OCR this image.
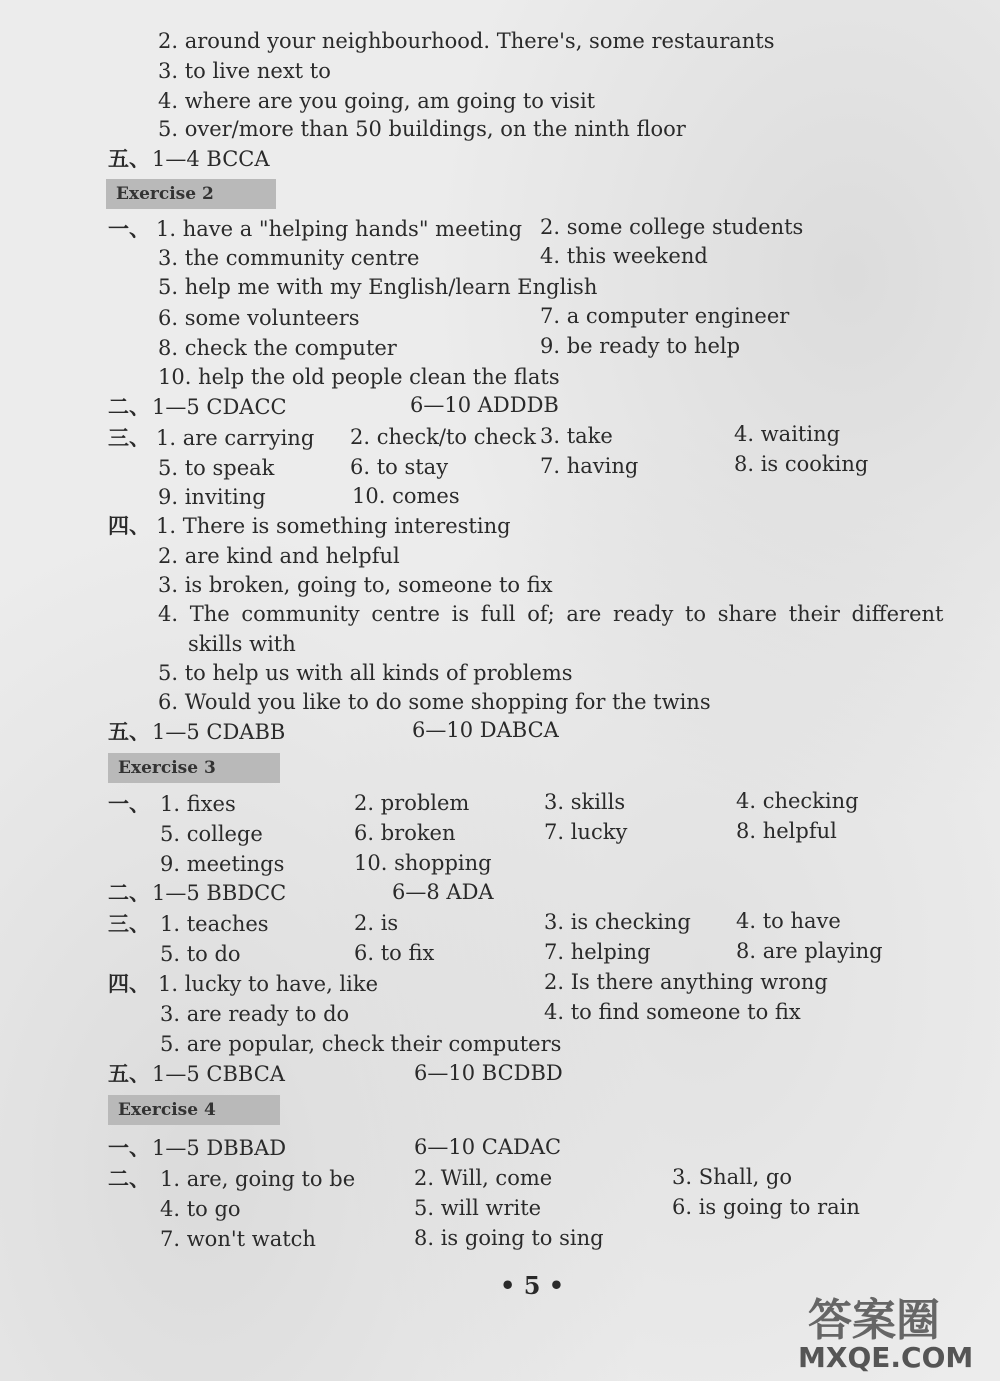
2. around your neighbourhood. There's, some restaurants
3. to live next to
4. where are you going, am going to visit
5. over/more than 50 buildings, on the ninth floor
五、 1—4 BCCA
Exercise 2
一、 1. have a "helping hands" meeting 2. some college students
3. the community centre	4. this weekend
5. help me with my English/learn English
6. some volunteers	7. a computer engineer
8. check the computer	9. be ready to help
10. help the old people clean the flats
二、 1—5 CDACC	6—10 ADDDB
三、 1. are carrying 2. check/to check 3. take	4. waiting
5. to speak	6. to stay	7. having	8. is cooking
9. inviting	10. comes
四、 1. There is something interesting
2. are kind and helpful
3. is broken, going to, someone to fix
4. The community centre is full of; are ready to share their different
skills with
5. to help us with all kinds of problems
6. Would you like to do some shopping for the twins
五、 1—5 CDABB	6—10 DABCA
Exercise 3
一、 1. fixes	2. problem	3. skills	4. checking
5. college	6. broken	7. lucky	8. helpful
9. meetings	10. shopping
二、 1—5 BBDCC	6—8 ADA
三、 1. teaches	2. is	3. is checking 4. to have
5. to do	6. to fix	7. helping	8. are playing
四、 1. lucky to have, like	2. Is there anything wrong
3. are ready to do	4. to find someone to fix
5. are popular, check their computers
五、 1—5 CBBCA	6—10 BCDBD
Exercise 4
一、 1—5 DBBAD	6—10 CADAC
二、 1. are, going to be	2. Will, come	3. Shall, go
4. to go	5. will write	6. is going to rain
7. won't watch	8. is going to sing
• 5 •
答案圈
MXQE.COM
